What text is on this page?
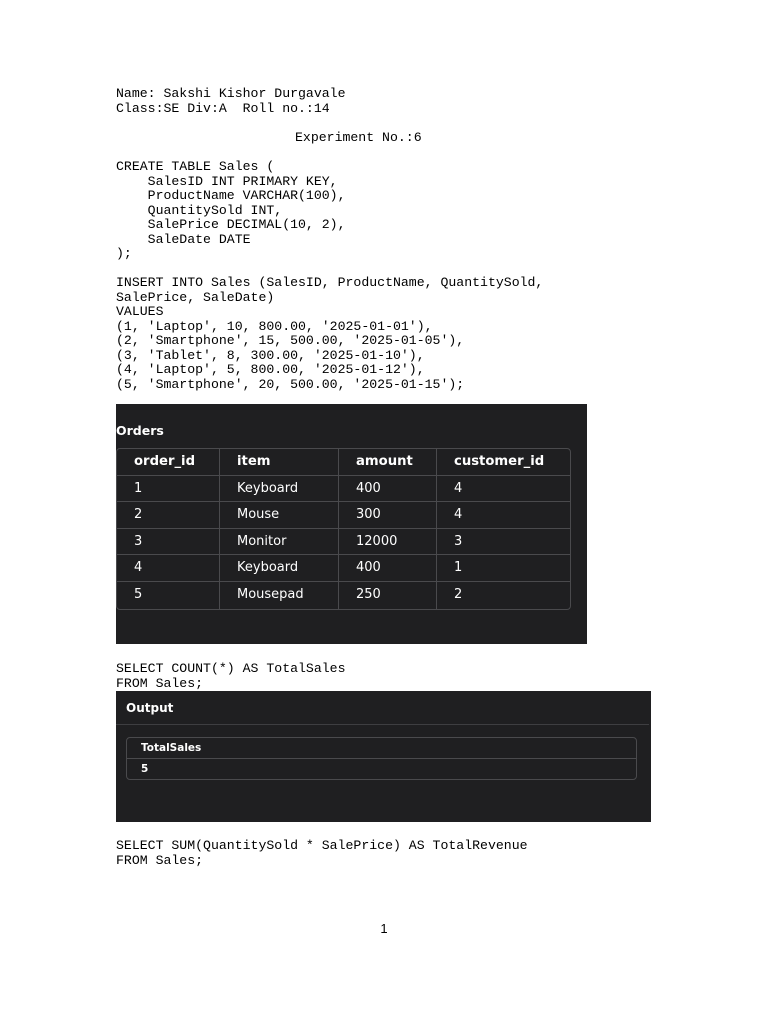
Name: Sakshi Kishor Durgavale
Class:SE Div:A  Roll no.:14
Experiment No.:6
CREATE TABLE Sales (
SalesID INT PRIMARY KEY,
ProductName VARCHAR(100),
QuantitySold INT,
SalePrice DECIMAL(10, 2),
SaleDate DATE
);
INSERT INTO Sales (SalesID, ProductName, QuantitySold,
SalePrice, SaleDate)
VALUES
(1, 'Laptop', 10, 800.00, '2025-01-01'),
(2, 'Smartphone', 15, 500.00, '2025-01-05'),
(3, 'Tablet', 8, 300.00, '2025-01-10'),
(4, 'Laptop', 5, 800.00, '2025-01-12'),
(5, 'Smartphone', 20, 500.00, '2025-01-15');
Orders
order_id	item	amount	customer_id
1	Keyboard	400	4
2	Mouse	300	4
3	Monitor	12000	3
4	Keyboard	400	1
5	Mousepad	250	2
SELECT COUNT(*) AS TotalSales
FROM Sales;
Output
TotalSales
5
SELECT SUM(QuantitySold * SalePrice) AS TotalRevenue
FROM Sales;
1
